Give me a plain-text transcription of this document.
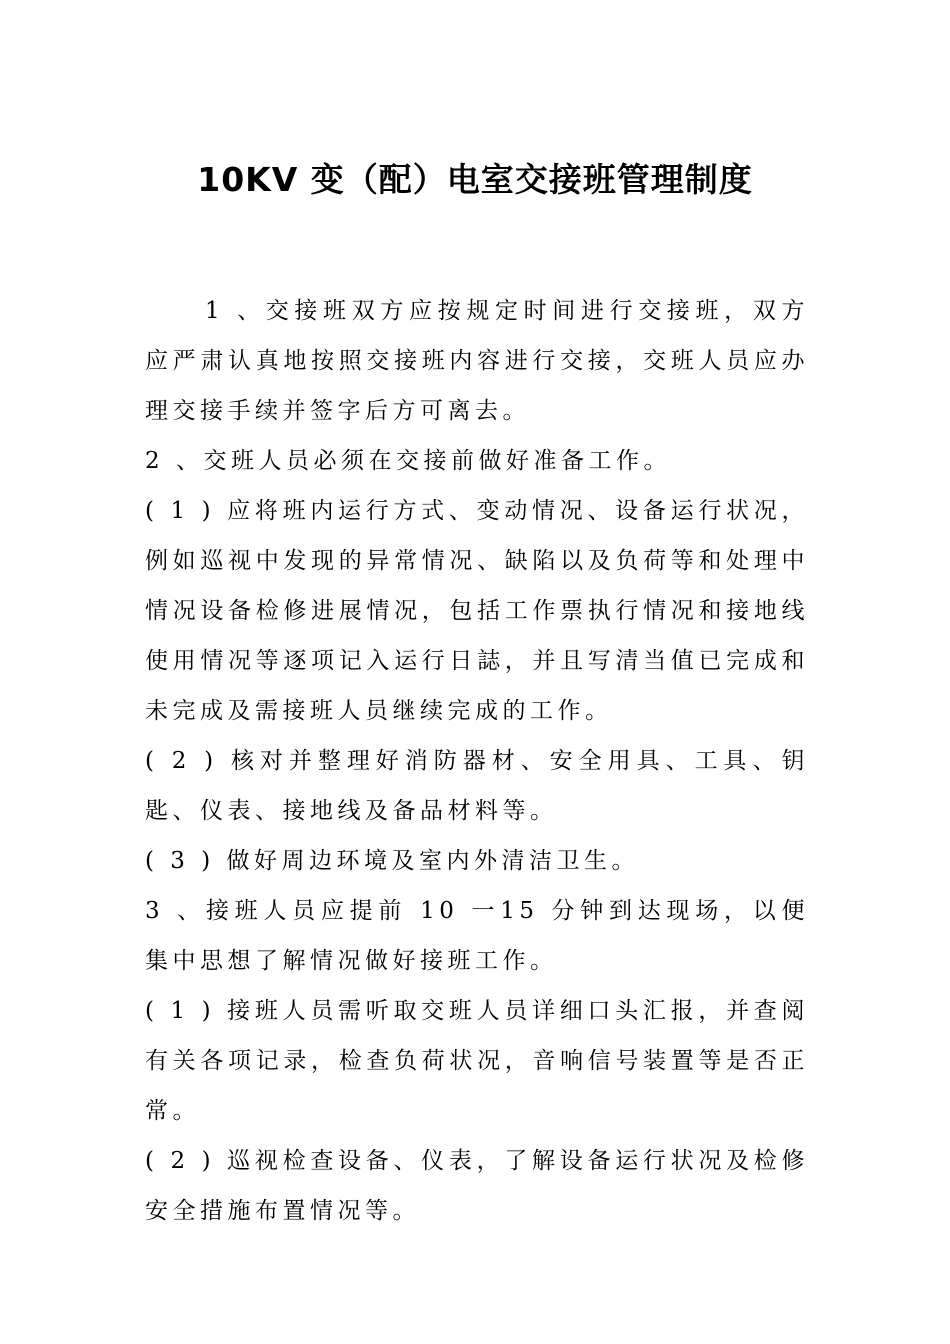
10KV 变（配）电室交接班管理制度

1 、交接班双方应按规定时间进行交接班，双方应严肃认真地按照交接班内容进行交接，交班人员应办理交接手续并签字后方可离去。

2 、交班人员必须在交接前做好准备工作。

( 1 ) 应将班内运行方式、变动情况、设备运行状况，例如巡视中发现的异常情况、缺陷以及负荷等和处理中情况设备检修进展情况，包括工作票执行情况和接地线使用情况等逐项记入运行日誌，并且写清当值已完成和未完成及需接班人员继续完成的工作。

( 2 ) 核对并整理好消防器材、安全用具、工具、钥匙、仪表、接地线及备品材料等。

( 3 ) 做好周边环境及室内外清洁卫生。

3 、接班人员应提前 10 一15 分钟到达现场，以便集中思想了解情况做好接班工作。

( 1 ) 接班人员需听取交班人员详细口头汇报，并查阅有关各项记录，检查负荷状况，音响信号装置等是否正常。

( 2 ) 巡视检查设备、仪表，了解设备运行状况及检修安全措施布置情况等。
